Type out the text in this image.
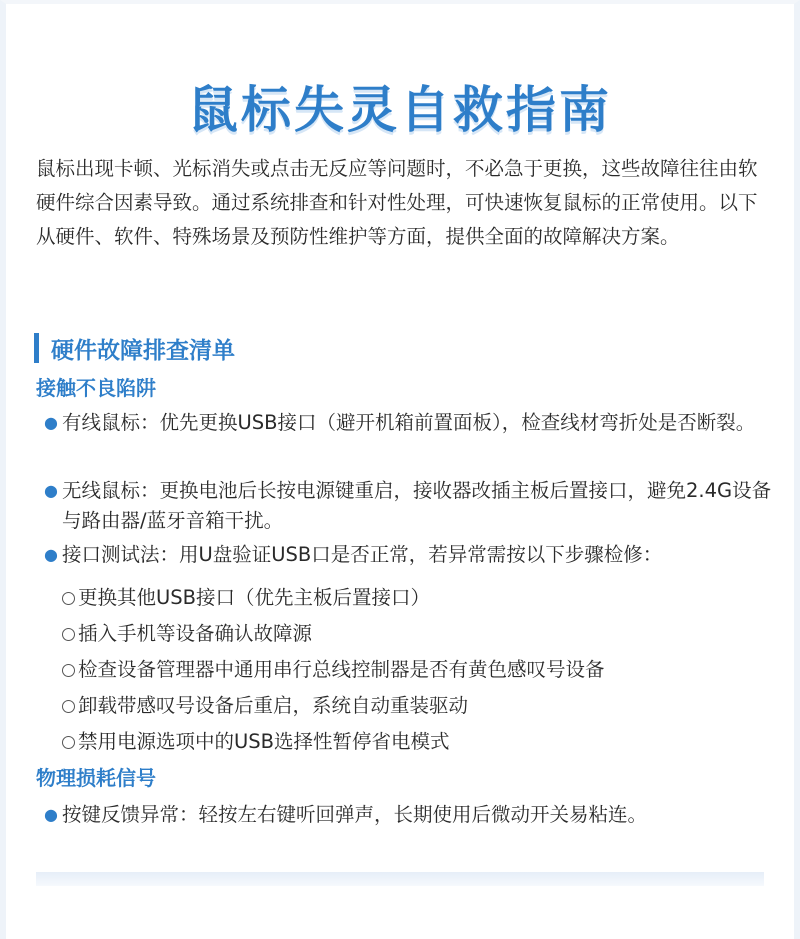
鼠标失灵自救指南

鼠标出现卡顿、光标消失或点击无反应等问题时，不必急于更换，这些故障往往由软硬件综合因素导致。通过系统排查和针对性处理，可快速恢复鼠标的正常使用。以下从硬件、软件、特殊场景及预防性维护等方面，提供全面的故障解决方案。

硬件故障排查清单
接触不良陷阱
● 有线鼠标：优先更换USB接口（避开机箱前置面板），检查线材弯折处是否断裂。
● 无线鼠标：更换电池后长按电源键重启，接收器改插主板后置接口，避免2.4G设备与路由器/蓝牙音箱干扰。
● 接口测试法：用U盘验证USB口是否正常，若异常需按以下步骤检修：
更换其他USB接口（优先主板后置接口）
插入手机等设备确认故障源
检查设备管理器中通用串行总线控制器是否有黄色感叹号设备
卸载带感叹号设备后重启，系统自动重装驱动
禁用电源选项中的USB选择性暂停省电模式
物理损耗信号
● 按键反馈异常：轻按左右键听回弹声，长期使用后微动开关易粘连。
